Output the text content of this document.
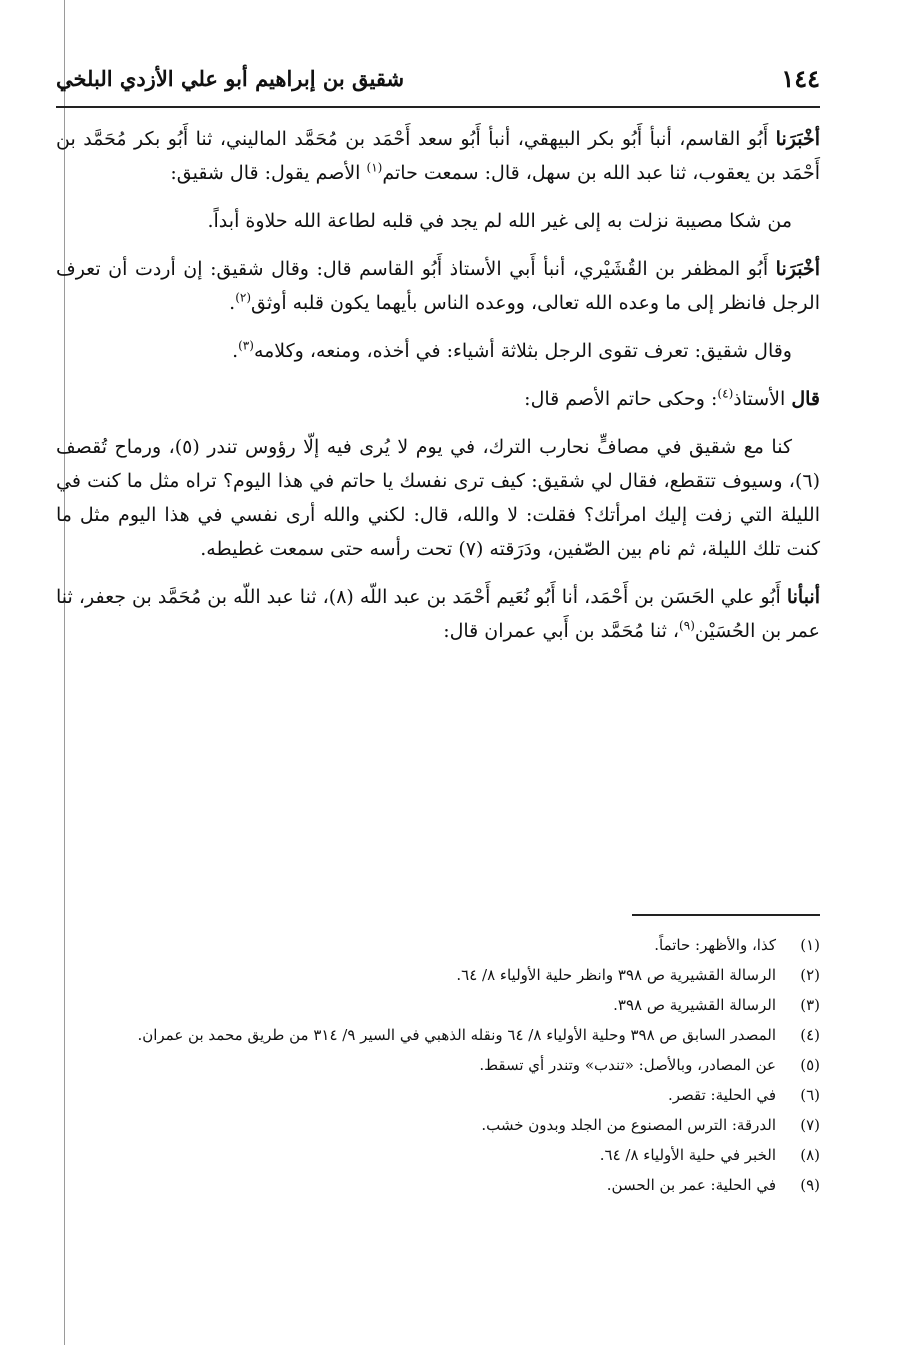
١٤٤
شقيق بن إبراهيم أبو علي الأزدي البلخي

أخْبَرَنا أَبُو القاسم، أنبأ أَبُو بكر البيهقي، أنبأ أَبُو سعد أَحْمَد بن مُحَمَّد الماليني، ثنا أَبُو بكر مُحَمَّد بن أَحْمَد بن يعقوب، ثنا عبد الله بن سهل، قال: سمعت حاتم$^{(١)}$ الأصم يقول: قال شقيق:

من شكا مصيبة نزلت به إلى غير الله لم يجد في قلبه لطاعة الله حلاوة أبداً.

أخْبَرَنا أَبُو المظفر بن القُشَيْري، أنبأ أَبي الأستاذ أَبُو القاسم قال: وقال شقيق: إن أردت أن تعرف الرجل فانظر إلى ما وعده الله تعالى، ووعده الناس بأيهما يكون قلبه أوثق$^{(٢)}$.

وقال شقيق: تعرف تقوى الرجل بثلاثة أشياء: في أخذه، ومنعه، وكلامه$^{(٣)}$.

قال الأستاذ$^{(٤)}$: وحكى حاتم الأصم قال:

كنا مع شقيق في مصافٍّ نحارب الترك، في يوم لا يُرى فيه إلّا رؤوس تندر (٥)، ورماح تُقصف (٦)، وسيوف تتقطع، فقال لي شقيق: كيف ترى نفسك يا حاتم في هذا اليوم؟ تراه مثل ما كنت في الليلة التي زفت إليك امرأتك؟ فقلت: لا والله، قال: لكني والله أرى نفسي في هذا اليوم مثل ما كنت تلك الليلة، ثم نام بين الصّفين، ودَرَقته (٧) تحت رأسه حتى سمعت غطيطه.

أنبأنا أَبُو علي الحَسَن بن أَحْمَد، أنا أَبُو نُعَيم أَحْمَد بن عبد اللّه (٨)، ثنا عبد اللّه بن مُحَمَّد بن جعفر، ثنا عمر بن الحُسَيْن$^{(٩)}$، ثنا مُحَمَّد بن أَبي عمران قال:

(١)
كذا، والأظهر: حاتماً.
(٢)
الرسالة القشيرية ص ٣٩٨ وانظر حلية الأولياء ٨/ ٦٤.
(٣)
الرسالة القشيرية ص ٣٩٨.
(٤)
المصدر السابق ص ٣٩٨ وحلية الأولياء ٨/ ٦٤ ونقله الذهبي في السير ٩/ ٣١٤ من طريق محمد بن عمران.
(٥)
عن المصادر، وبالأصل: «تندب» وتندر أي تسقط.
(٦)
في الحلية: تقصر.
(٧)
الدرقة: الترس المصنوع من الجلد وبدون خشب.
(٨)
الخبر في حلية الأولياء ٨/ ٦٤.
(٩)
في الحلية: عمر بن الحسن.
